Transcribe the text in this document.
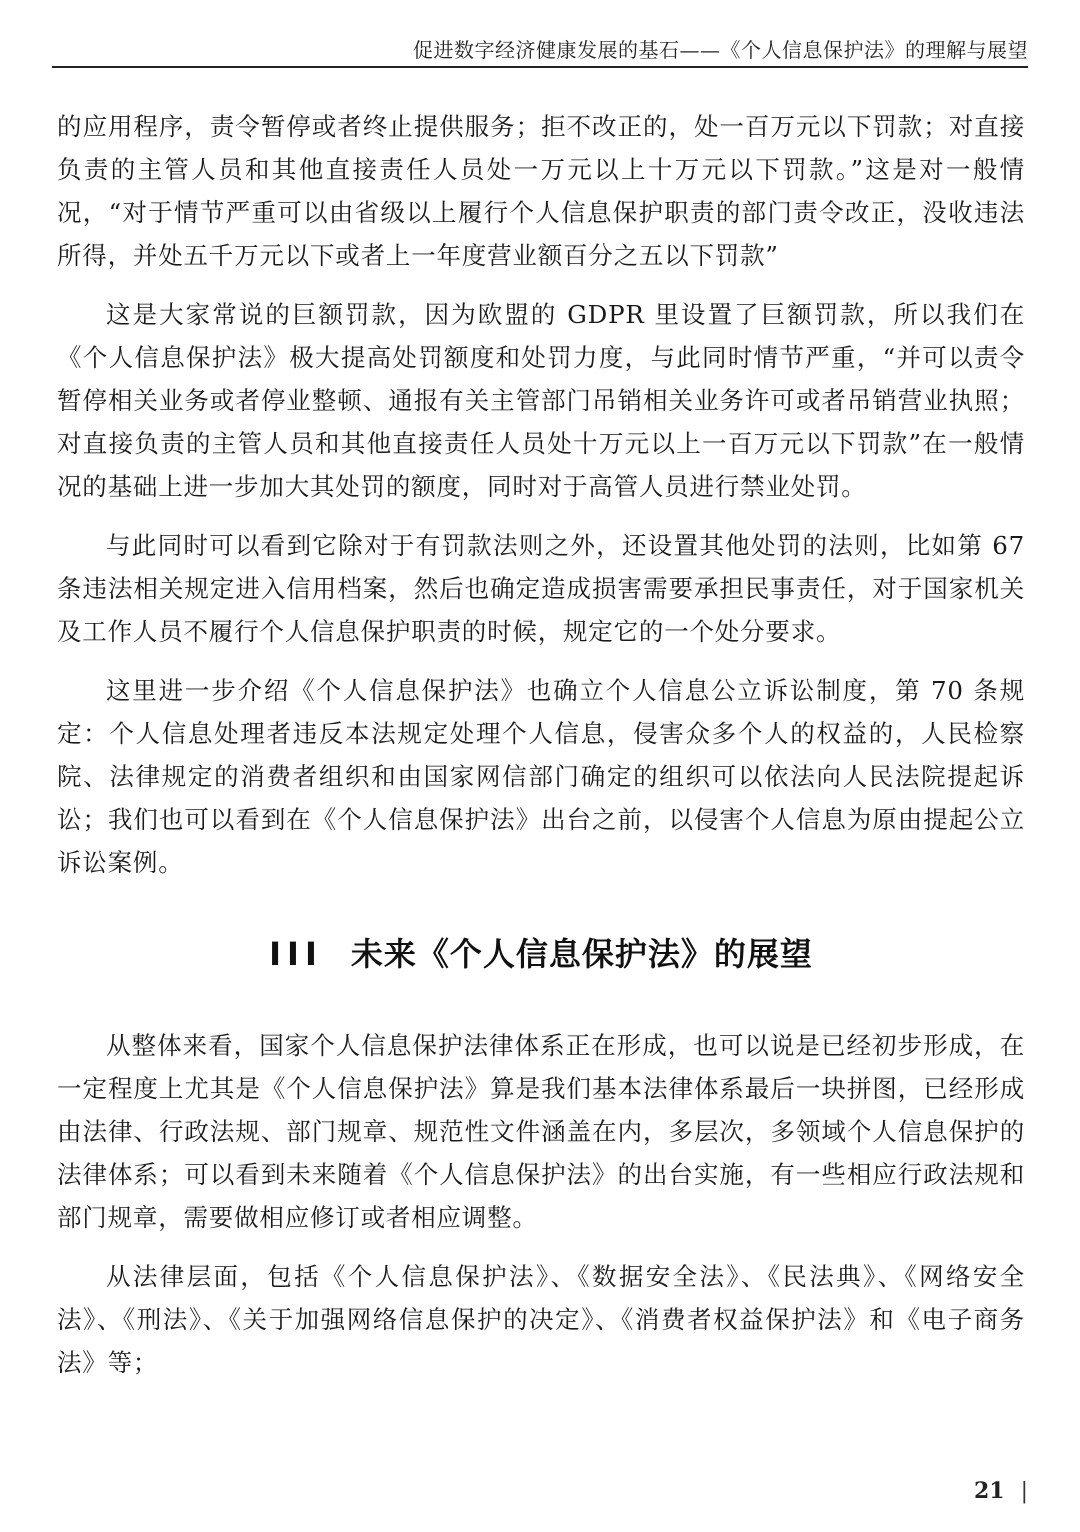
促进数字经济健康发展的基石——《个人信息保护法》的理解与展望

的应用程序，责令暂停或者终止提供服务；拒不改正的，处一百万元以下罚款；对直接负责的主管人员和其他直接责任人员处一万元以上十万元以下罚款。”这是对一般情况，“对于情节严重可以由省级以上履行个人信息保护职责的部门责令改正，没收违法所得，并处五千万元以下或者上一年度营业额百分之五以下罚款”

这是大家常说的巨额罚款，因为欧盟的 GDPR 里设置了巨额罚款，所以我们在《个人信息保护法》极大提高处罚额度和处罚力度，与此同时情节严重，“并可以责令暂停相关业务或者停业整顿、通报有关主管部门吊销相关业务许可或者吊销营业执照；对直接负责的主管人员和其他直接责任人员处十万元以上一百万元以下罚款”在一般情况的基础上进一步加大其处罚的额度，同时对于高管人员进行禁业处罚。

与此同时可以看到它除对于有罚款法则之外，还设置其他处罚的法则，比如第 67 条违法相关规定进入信用档案，然后也确定造成损害需要承担民事责任，对于国家机关及工作人员不履行个人信息保护职责的时候，规定它的一个处分要求。

这里进一步介绍《个人信息保护法》也确立个人信息公立诉讼制度，第 70 条规定：个人信息处理者违反本法规定处理个人信息，侵害众多个人的权益的，人民检察院、法律规定的消费者组织和由国家网信部门确定的组织可以依法向人民法院提起诉讼；我们也可以看到在《个人信息保护法》出台之前，以侵害个人信息为原由提起公立诉讼案例。

III 未来《个人信息保护法》的展望

从整体来看，国家个人信息保护法律体系正在形成，也可以说是已经初步形成，在一定程度上尤其是《个人信息保护法》算是我们基本法律体系最后一块拼图，已经形成由法律、行政法规、部门规章、规范性文件涵盖在内，多层次，多领域个人信息保护的法律体系；可以看到未来随着《个人信息保护法》的出台实施，有一些相应行政法规和部门规章，需要做相应修订或者相应调整。

从法律层面，包括《个人信息保护法》、《数据安全法》、《民法典》、《网络安全法》、《刑法》、《关于加强网络信息保护的决定》、《消费者权益保护法》和《电子商务法》等；

21 |
